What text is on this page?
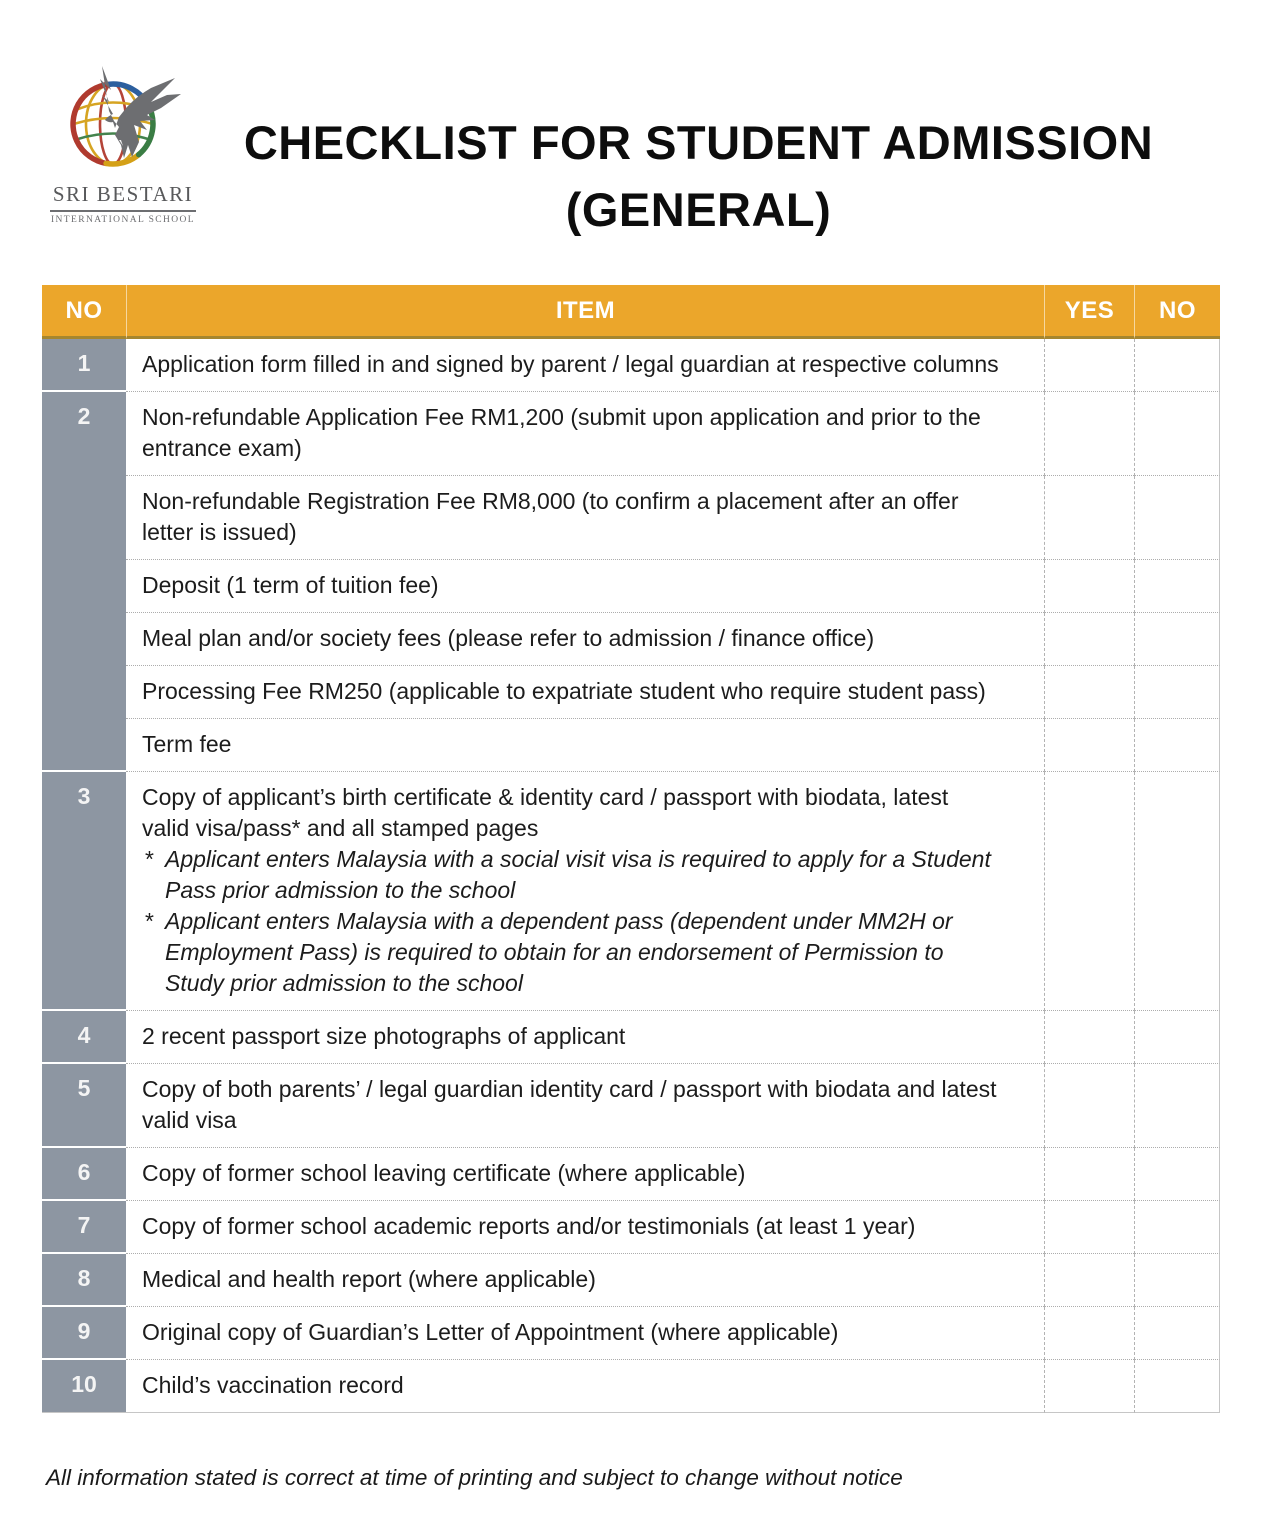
SRI BESTARI
INTERNATIONAL SCHOOL
CHECKLIST FOR STUDENT ADMISSION
(GENERAL)
NO	ITEM	YES	NO
1	Application form filled in and signed by parent / legal guardian at respective columns		
2	Non-refundable Application Fee RM1,200 (submit upon application and prior to the entrance exam)		
	Non-refundable Registration Fee RM8,000 (to confirm a placement after an offer letter is issued)		
	Deposit (1 term of tuition fee)		
	Meal plan and/or society fees (please refer to admission / finance office)		
	Processing Fee RM250 (applicable to expatriate student who require student pass)		
	Term fee		
3	Copy of applicant’s birth certificate & identity card / passport with biodata, latest valid visa/pass* and all stamped pages
* Applicant enters Malaysia with a social visit visa is required to apply for a Student Pass prior admission to the school
* Applicant enters Malaysia with a dependent pass (dependent under MM2H or Employment Pass) is required to obtain for an endorsement of Permission to Study prior admission to the school

4	2 recent passport size photographs of applicant		
5	Copy of both parents’ / legal guardian identity card / passport with biodata and latest valid visa		
6	Copy of former school leaving certificate (where applicable)		
7	Copy of former school academic reports and/or testimonials (at least 1 year)		
8	Medical and health report (where applicable)		
9	Original copy of Guardian’s Letter of Appointment (where applicable)		
10	Child’s vaccination record		
All information stated is correct at time of printing and subject to change without notice
